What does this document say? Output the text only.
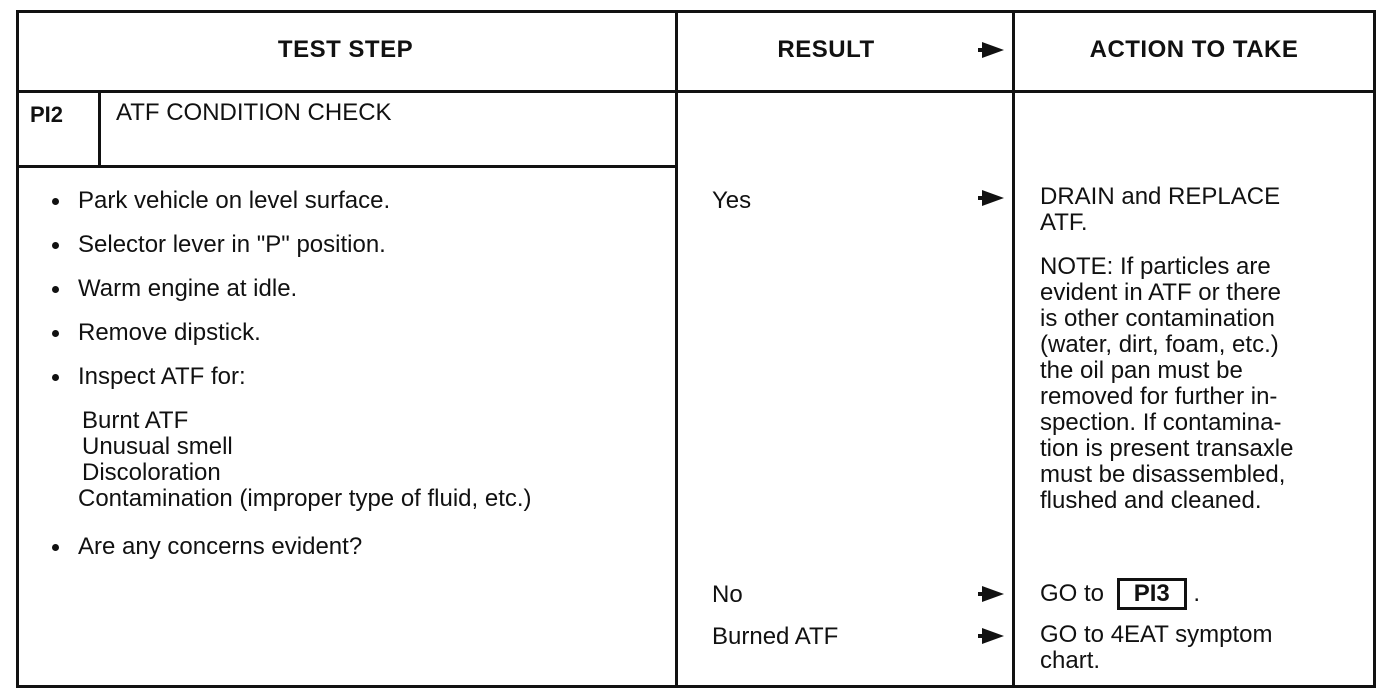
TEST STEP	RESULT	ACTION TO TAKE
PI2 ATF CONDITION CHECK
Park vehicle on level surface.
Selector lever in "P" position.
Warm engine at idle.
Remove dipstick.
Inspect ATF for:
Burnt ATF
Unusual smell
Discoloration
Contamination (improper type of fluid, etc.)
Are any concerns evident?
Yes	DRAIN and REPLACE
ATF.
NOTE: If particles are
evident in ATF or there
is other contamination
(water, dirt, foam, etc.)
the oil pan must be
removed for further in-
spection. If contamina-
tion is present transaxle
must be disassembled,
flushed and cleaned.
No	GO to PI3 .
Burned ATF	GO to 4EAT symptom
chart.
